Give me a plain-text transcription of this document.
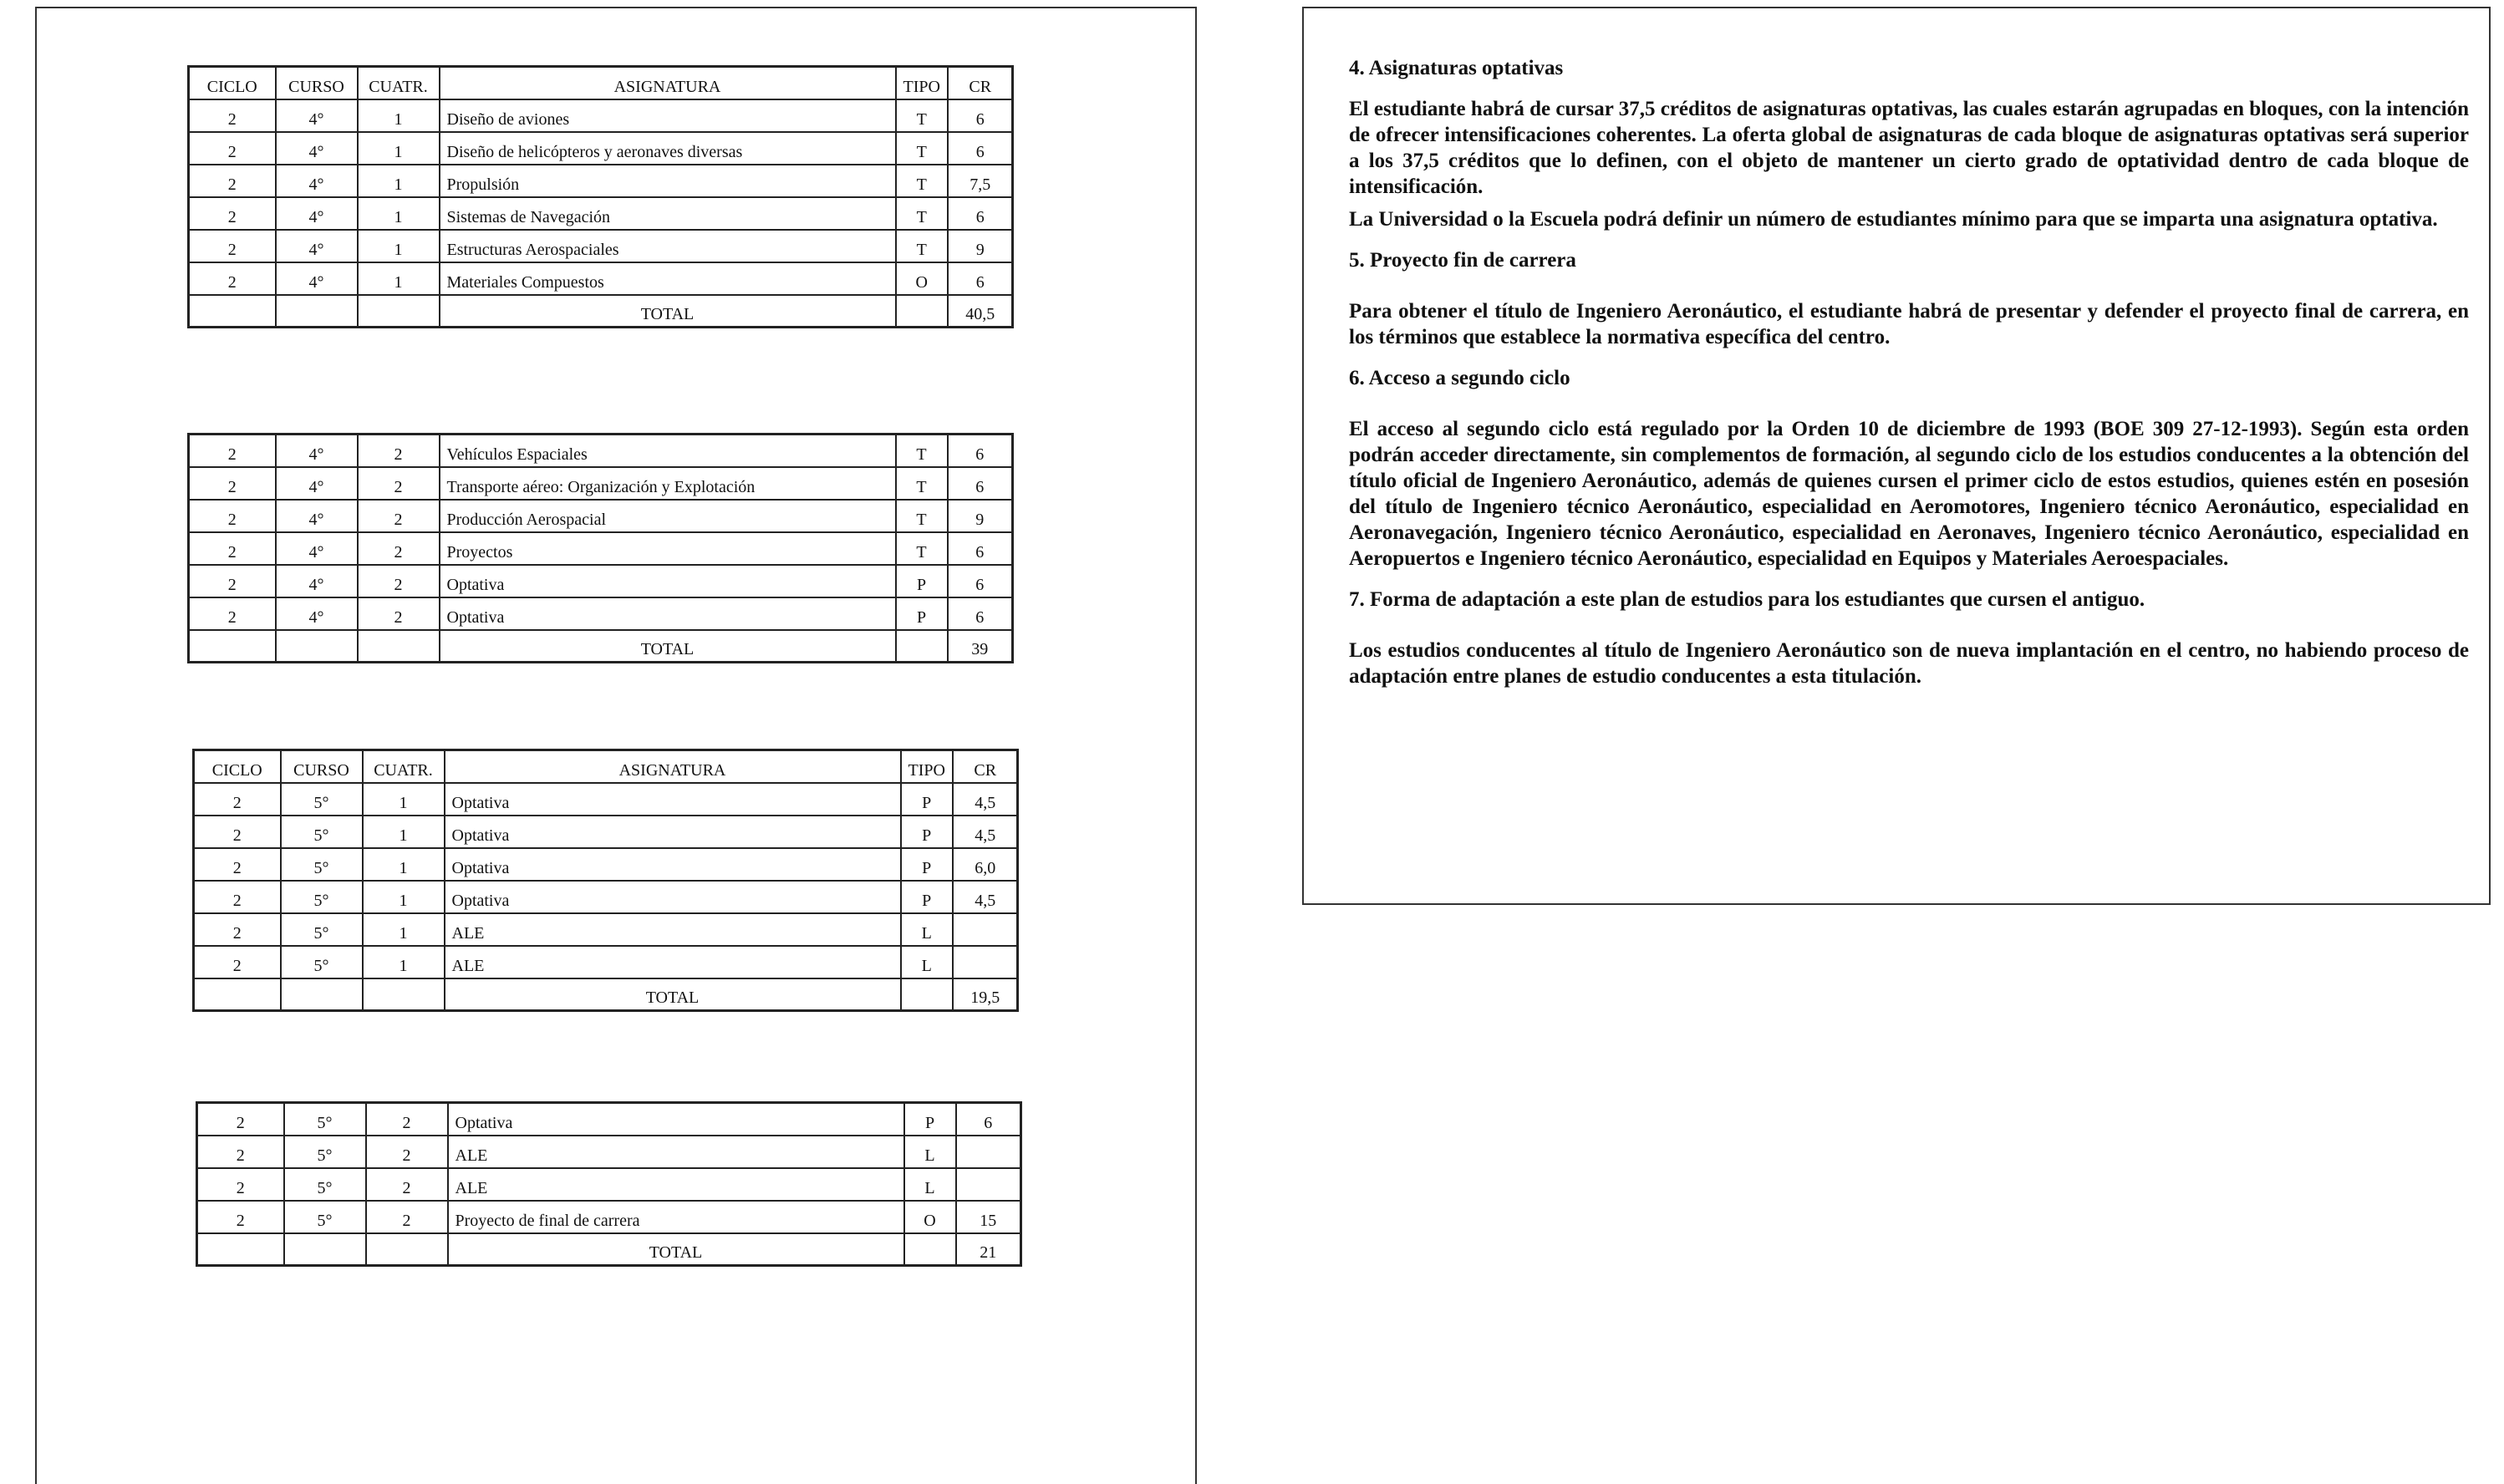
CICLO	CURSO	CUATR.	ASIGNATURA	TIPO	CR
2	4°	1	Diseño de aviones	T	6
2	4°	1	Diseño de helicópteros y aeronaves diversas	T	6
2	4°	1	Propulsión	T	7,5
2	4°	1	Sistemas de Navegación	T	6
2	4°	1	Estructuras Aerospaciales	T	9
2	4°	1	Materiales Compuestos	O	6
			TOTAL		40,5
2	4°	2	Vehículos Espaciales	T	6
2	4°	2	Transporte aéreo: Organización y Explotación	T	6
2	4°	2	Producción Aerospacial	T	9
2	4°	2	Proyectos	T	6
2	4°	2	Optativa	P	6
2	4°	2	Optativa	P	6
			TOTAL		39
CICLO	CURSO	CUATR.	ASIGNATURA	TIPO	CR
2	5°	1	Optativa	P	4,5
2	5°	1	Optativa	P	4,5
2	5°	1	Optativa	P	6,0
2	5°	1	Optativa	P	4,5
2	5°	1	ALE	L	
2	5°	1	ALE	L	
			TOTAL		19,5
2	5°	2	Optativa	P	6
2	5°	2	ALE	L	
2	5°	2	ALE	L	
2	5°	2	Proyecto de final de carrera	O	15
			TOTAL		21

4. Asignaturas optativas

El estudiante habrá de cursar 37,5 créditos de asignaturas optativas, las cuales estarán agrupadas en bloques, con la intención de ofrecer intensificaciones coherentes. La oferta global de asignaturas de cada bloque de asignaturas optativas será superior a los 37,5 créditos que lo definen, con el objeto de mantener un cierto grado de optatividad dentro de cada bloque de intensificación.

La Universidad o la Escuela podrá definir un número de estudiantes mínimo para que se imparta una asignatura optativa.

5. Proyecto fin de carrera

Para obtener el título de Ingeniero Aeronáutico, el estudiante habrá de presentar y defender el proyecto final de carrera, en los términos que establece la normativa específica del centro.

6. Acceso a segundo ciclo

El acceso al segundo ciclo está regulado por la Orden 10 de diciembre de 1993 (BOE 309 27-12-1993). Según esta orden podrán acceder directamente, sin complementos de formación, al segundo ciclo de los estudios conducentes a la obtención del título oficial de Ingeniero Aeronáutico, además de quienes cursen el primer ciclo de estos estudios, quienes estén en posesión del título de Ingeniero técnico Aeronáutico, especialidad en Aeromotores, Ingeniero técnico Aeronáutico, especialidad en Aeronavegación, Ingeniero técnico Aeronáutico, especialidad en Aeronaves, Ingeniero técnico Aeronáutico, especialidad en Aeropuertos e Ingeniero técnico Aeronáutico, especialidad en Equipos y Materiales Aeroespaciales.

7. Forma de adaptación a este plan de estudios para los estudiantes que cursen el antiguo.

Los estudios conducentes al título de Ingeniero Aeronáutico son de nueva implantación en el centro, no habiendo proceso de adaptación entre planes de estudio conducentes a esta titulación.
